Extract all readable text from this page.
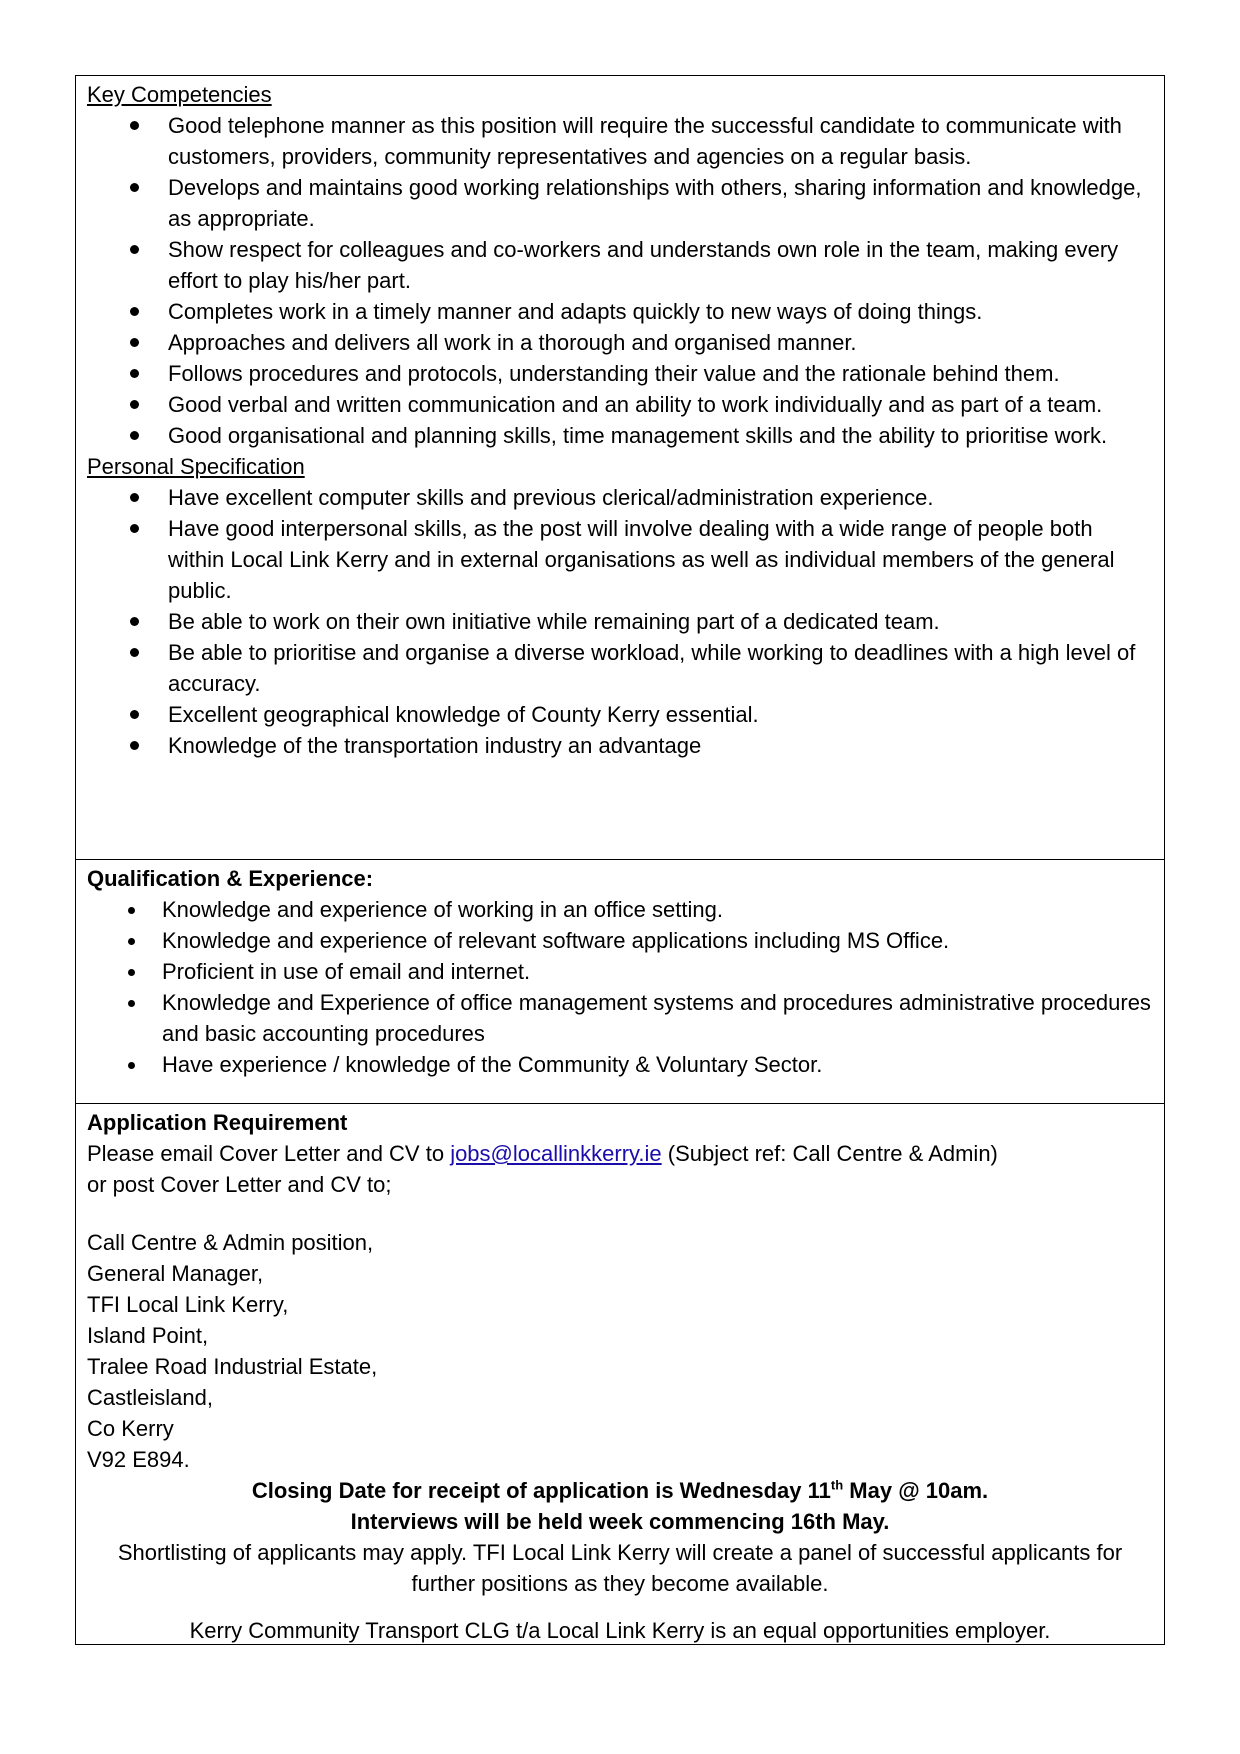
Key Competencies
Good telephone manner as this position will require the successful candidate to communicate with customers, providers, community representatives and agencies on a regular basis.
Develops and maintains good working relationships with others, sharing information and knowledge, as appropriate.
Show respect for colleagues and co-workers and understands own role in the team, making every effort to play his/her part.
Completes work in a timely manner and adapts quickly to new ways of doing things.
Approaches and delivers all work in a thorough and organised manner.
Follows procedures and protocols, understanding their value and the rationale behind them.
Good verbal and written communication and an ability to work individually and as part of a team.
Good organisational and planning skills, time management skills and the ability to prioritise work.
Personal Specification
Have excellent computer skills and previous clerical/administration experience.
Have good interpersonal skills, as the post will involve dealing with a wide range of people both within Local Link Kerry and in external organisations as well as individual members of the general public.
Be able to work on their own initiative while remaining part of a dedicated team.
Be able to prioritise and organise a diverse workload, while working to deadlines with a high level of accuracy.
Excellent geographical knowledge of County Kerry essential.
Knowledge of the transportation industry an advantage
Qualification & Experience:
Knowledge and experience of working in an office setting.
Knowledge and experience of relevant software applications including MS Office.
Proficient in use of email and internet.
Knowledge and Experience of office management systems and procedures administrative procedures and basic accounting procedures
Have experience / knowledge of the Community & Voluntary Sector.
Application Requirement
Please email Cover Letter and CV to jobs@locallinkkerry.ie (Subject ref: Call Centre & Admin)
or post Cover Letter and CV to;
Call Centre & Admin position,
General Manager,
TFI Local Link Kerry,
Island Point,
Tralee Road Industrial Estate,
Castleisland,
Co Kerry
V92 E894.
Closing Date for receipt of application is Wednesday 11th May @ 10am.
Interviews will be held week commencing 16th May.
Shortlisting of applicants may apply. TFI Local Link Kerry will create a panel of successful applicants for further positions as they become available.
Kerry Community Transport CLG t/a Local Link Kerry is an equal opportunities employer.
